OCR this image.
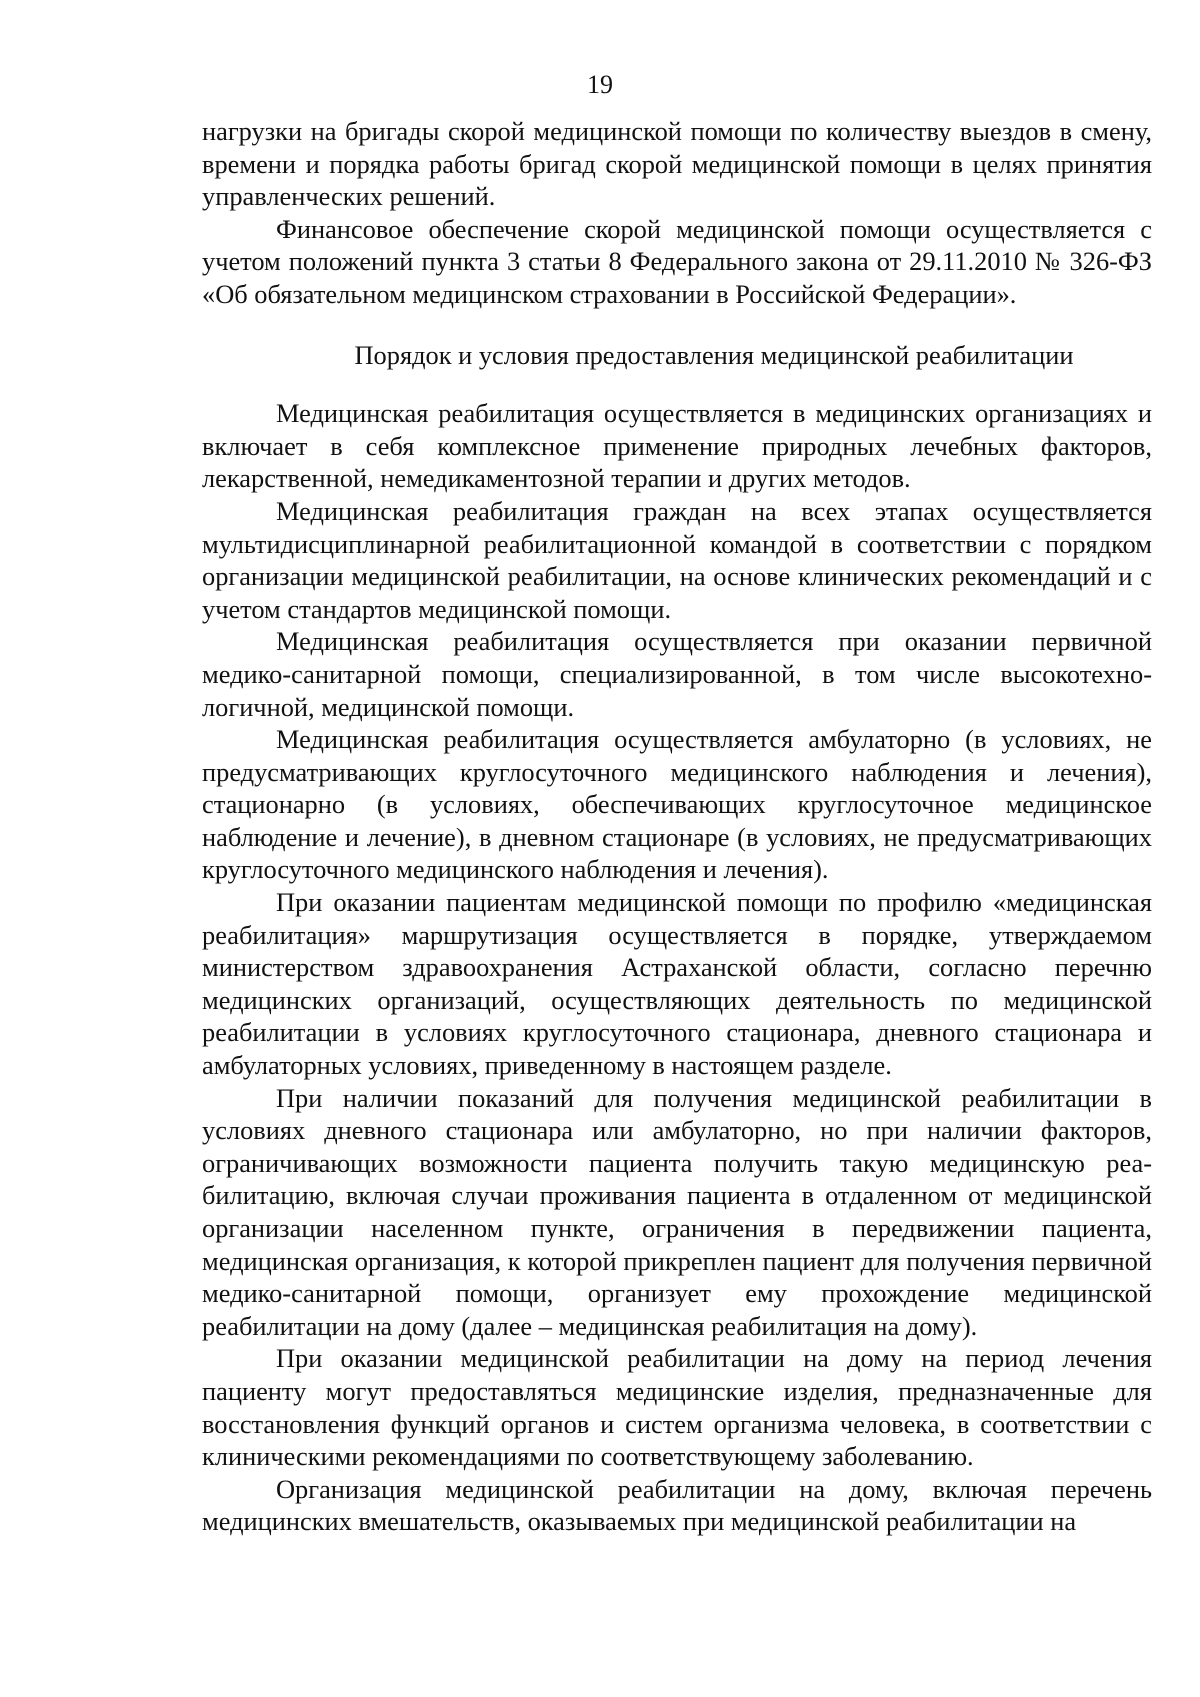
19

нагрузки на бригады скорой медицинской помощи по количеству выездов в смену, времени и порядка работы бригад скорой медицинской помощи в целях принятия управленческих решений.

Финансовое обеспечение скорой медицинской помощи осуществляется с учетом положений пункта 3 статьи 8 Федерального закона от 29.11.2010 № 326-ФЗ «Об обязательном медицинском страховании в Российской Федерации».

Порядок и условия предоставления медицинской реабилитации

Медицинская реабилитация осуществляется в медицинских организациях и включает в себя комплексное применение природных лечебных факторов, лекарственной, немедикаментозной терапии и других методов.

Медицинская реабилитация граждан на всех этапах осуществляется мультидисциплинарной реабилитационной командой в соответствии с порядком организации медицинской реабилитации, на основе клинических рекомендаций и с учетом стандартов медицинской помощи.

Медицинская реабилитация осуществляется при оказании первичной медико-санитарной помощи, специализированной, в том числе высокотехнологичной, медицинской помощи.

Медицинская реабилитация осуществляется амбулаторно (в условиях, не предусматривающих круглосуточного медицинского наблюдения и лечения), стационарно (в условиях, обеспечивающих круглосуточное медицинское наблюдение и лечение), в дневном стационаре (в условиях, не предусматривающих круглосуточного медицинского наблюдения и лечения).

При оказании пациентам медицинской помощи по профилю «медицинская реабилитация» маршрутизация осуществляется в порядке, утверждаемом министерством здравоохранения Астраханской области, согласно перечню медицинских организаций, осуществляющих деятельность по медицинской реабилитации в условиях круглосуточного стационара, дневного стационара и амбулаторных условиях, приведенному в настоящем разделе.

При наличии показаний для получения медицинской реабилитации в условиях дневного стационара или амбулаторно, но при наличии факторов, ограничивающих возможности пациента получить такую медицинскую реабилитацию, включая случаи проживания пациента в отдаленном от медицинской организации населенном пункте, ограничения в передвижении пациента, медицинская организация, к которой прикреплен пациент для получения первичной медико-санитарной помощи, организует ему прохождение медицинской реабилитации на дому (далее – медицинская реабилитация на дому).

При оказании медицинской реабилитации на дому на период лечения пациенту могут предоставляться медицинские изделия, предназначенные для восстановления функций органов и систем организма человека, в соответствии с клиническими рекомендациями по соответствующему заболеванию.

Организация медицинской реабилитации на дому, включая перечень медицинских вмешательств, оказываемых при медицинской реабилитации на
